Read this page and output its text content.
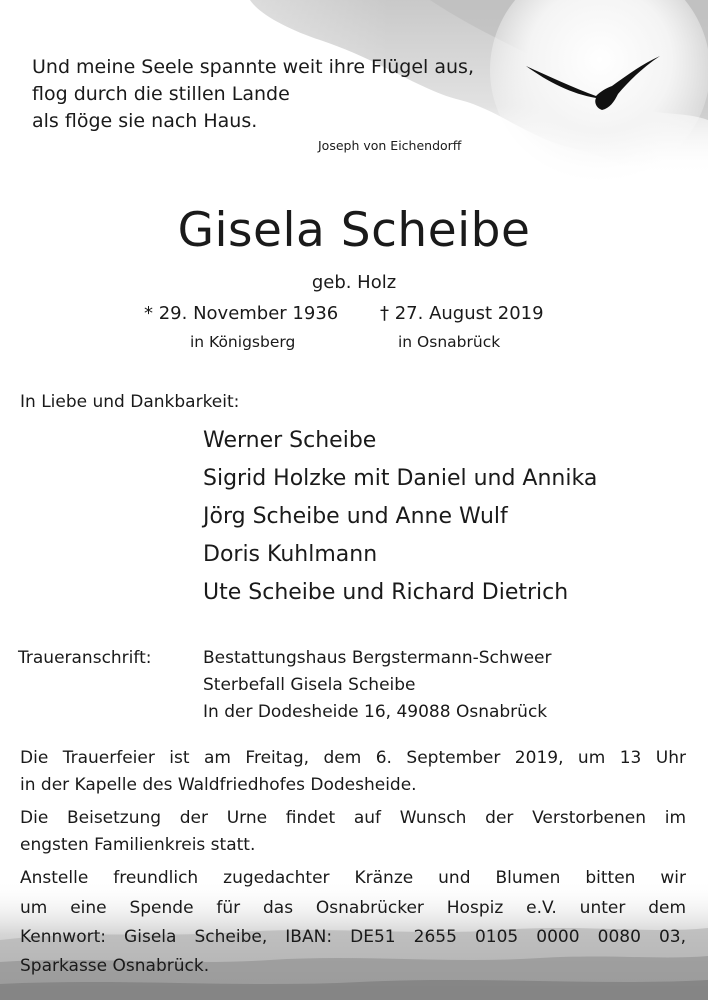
Und meine Seele spannte weit ihre Flügel aus,
flog durch die stillen Lande
als flöge sie nach Haus.
Joseph von Eichendorff
Gisela Scheibe
geb. Holz
* 29. November 1936 † 27. August 2019
in Königsberg	in Osnabrück
In Liebe und Dankbarkeit:
Werner Scheibe
Sigrid Holzke mit Daniel und Annika
Jörg Scheibe und Anne Wulf
Doris Kuhlmann
Ute Scheibe und Richard Dietrich
Traueranschrift:	Bestattungshaus Bergstermann-Schweer
Sterbefall Gisela Scheibe
In der Dodesheide 16, 49088 Osnabrück
Die Trauerfeier ist am Freitag, dem 6. September 2019, um 13 Uhr
in der Kapelle des Waldfriedhofes Dodesheide.
Die Beisetzung der Urne findet auf Wunsch der Verstorbenen im
engsten Familienkreis statt.
Anstelle freundlich zugedachter Kränze und Blumen bitten wir
um eine Spende für das Osnabrücker Hospiz e.V. unter dem
Kennwort: Gisela Scheibe, IBAN: DE51 2655 0105 0000 0080 03,
Sparkasse Osnabrück.
